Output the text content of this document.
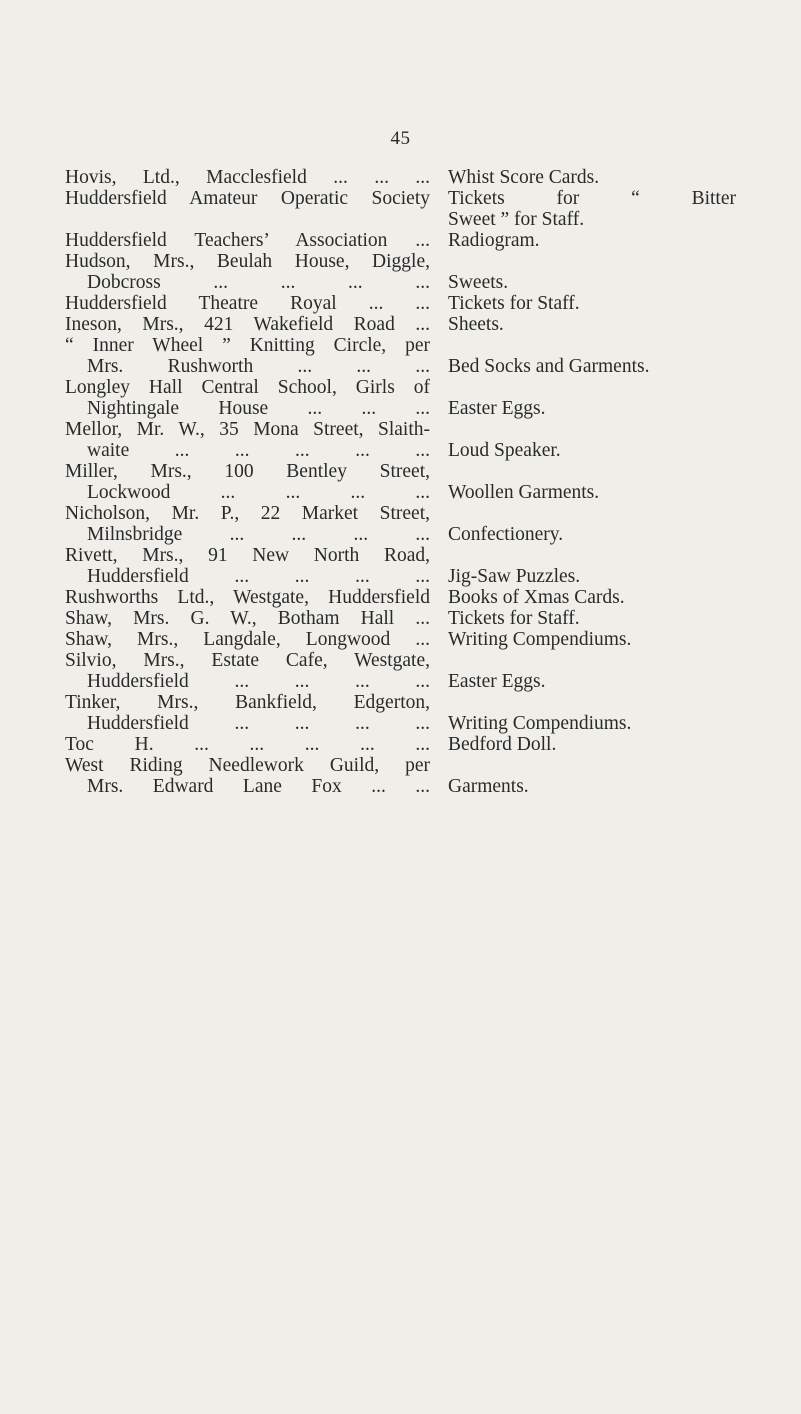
45
Hovis, Ltd., Macclesfield ... ... ... Whist Score Cards.
Huddersfield Amateur Operatic Society Tickets for “ Bitter
Sweet ” for Staff.
Huddersfield Teachers’ Association ... Radiogram.
Hudson, Mrs., Beulah House, Diggle,
Dobcross ... ... ... ...
Sweets.
Huddersfield Theatre Royal ... ... Tickets for Staff.
Ineson, Mrs., 421 Wakefield Road ... Sheets.
“ Inner Wheel ” Knitting Circle, per
Mrs. Rushworth ... ... ...
Bed Socks and Garments.
Longley Hall Central School, Girls of
Nightingale House ... ... ...
Easter Eggs.
Mellor, Mr. W., 35 Mona Street, Slaith-
waite ... ... ... ... ...
Loud Speaker.
Miller, Mrs., 100 Bentley Street,
Lockwood ... ... ... ...
Woollen Garments.
Nicholson, Mr. P., 22 Market Street,
Milnsbridge ... ... ... ...
Confectionery.
Rivett, Mrs., 91 New North Road,
Huddersfield ... ... ... ...
Jig-Saw Puzzles.
Rushworths Ltd., Westgate, Huddersfield Books of Xmas Cards.
Shaw, Mrs. G. W., Botham Hall ... Tickets for Staff.
Shaw, Mrs., Langdale, Longwood ... Writing Compendiums.
Silvio, Mrs., Estate Cafe, Westgate,
Huddersfield ... ... ... ...
Easter Eggs.
Tinker, Mrs., Bankfield, Edgerton,
Huddersfield ... ... ... ...
Writing Compendiums.
Toc H. ... ... ... ... ... Bedford Doll.
West Riding Needlework Guild, per
Mrs. Edward Lane Fox ... ...
Garments.
